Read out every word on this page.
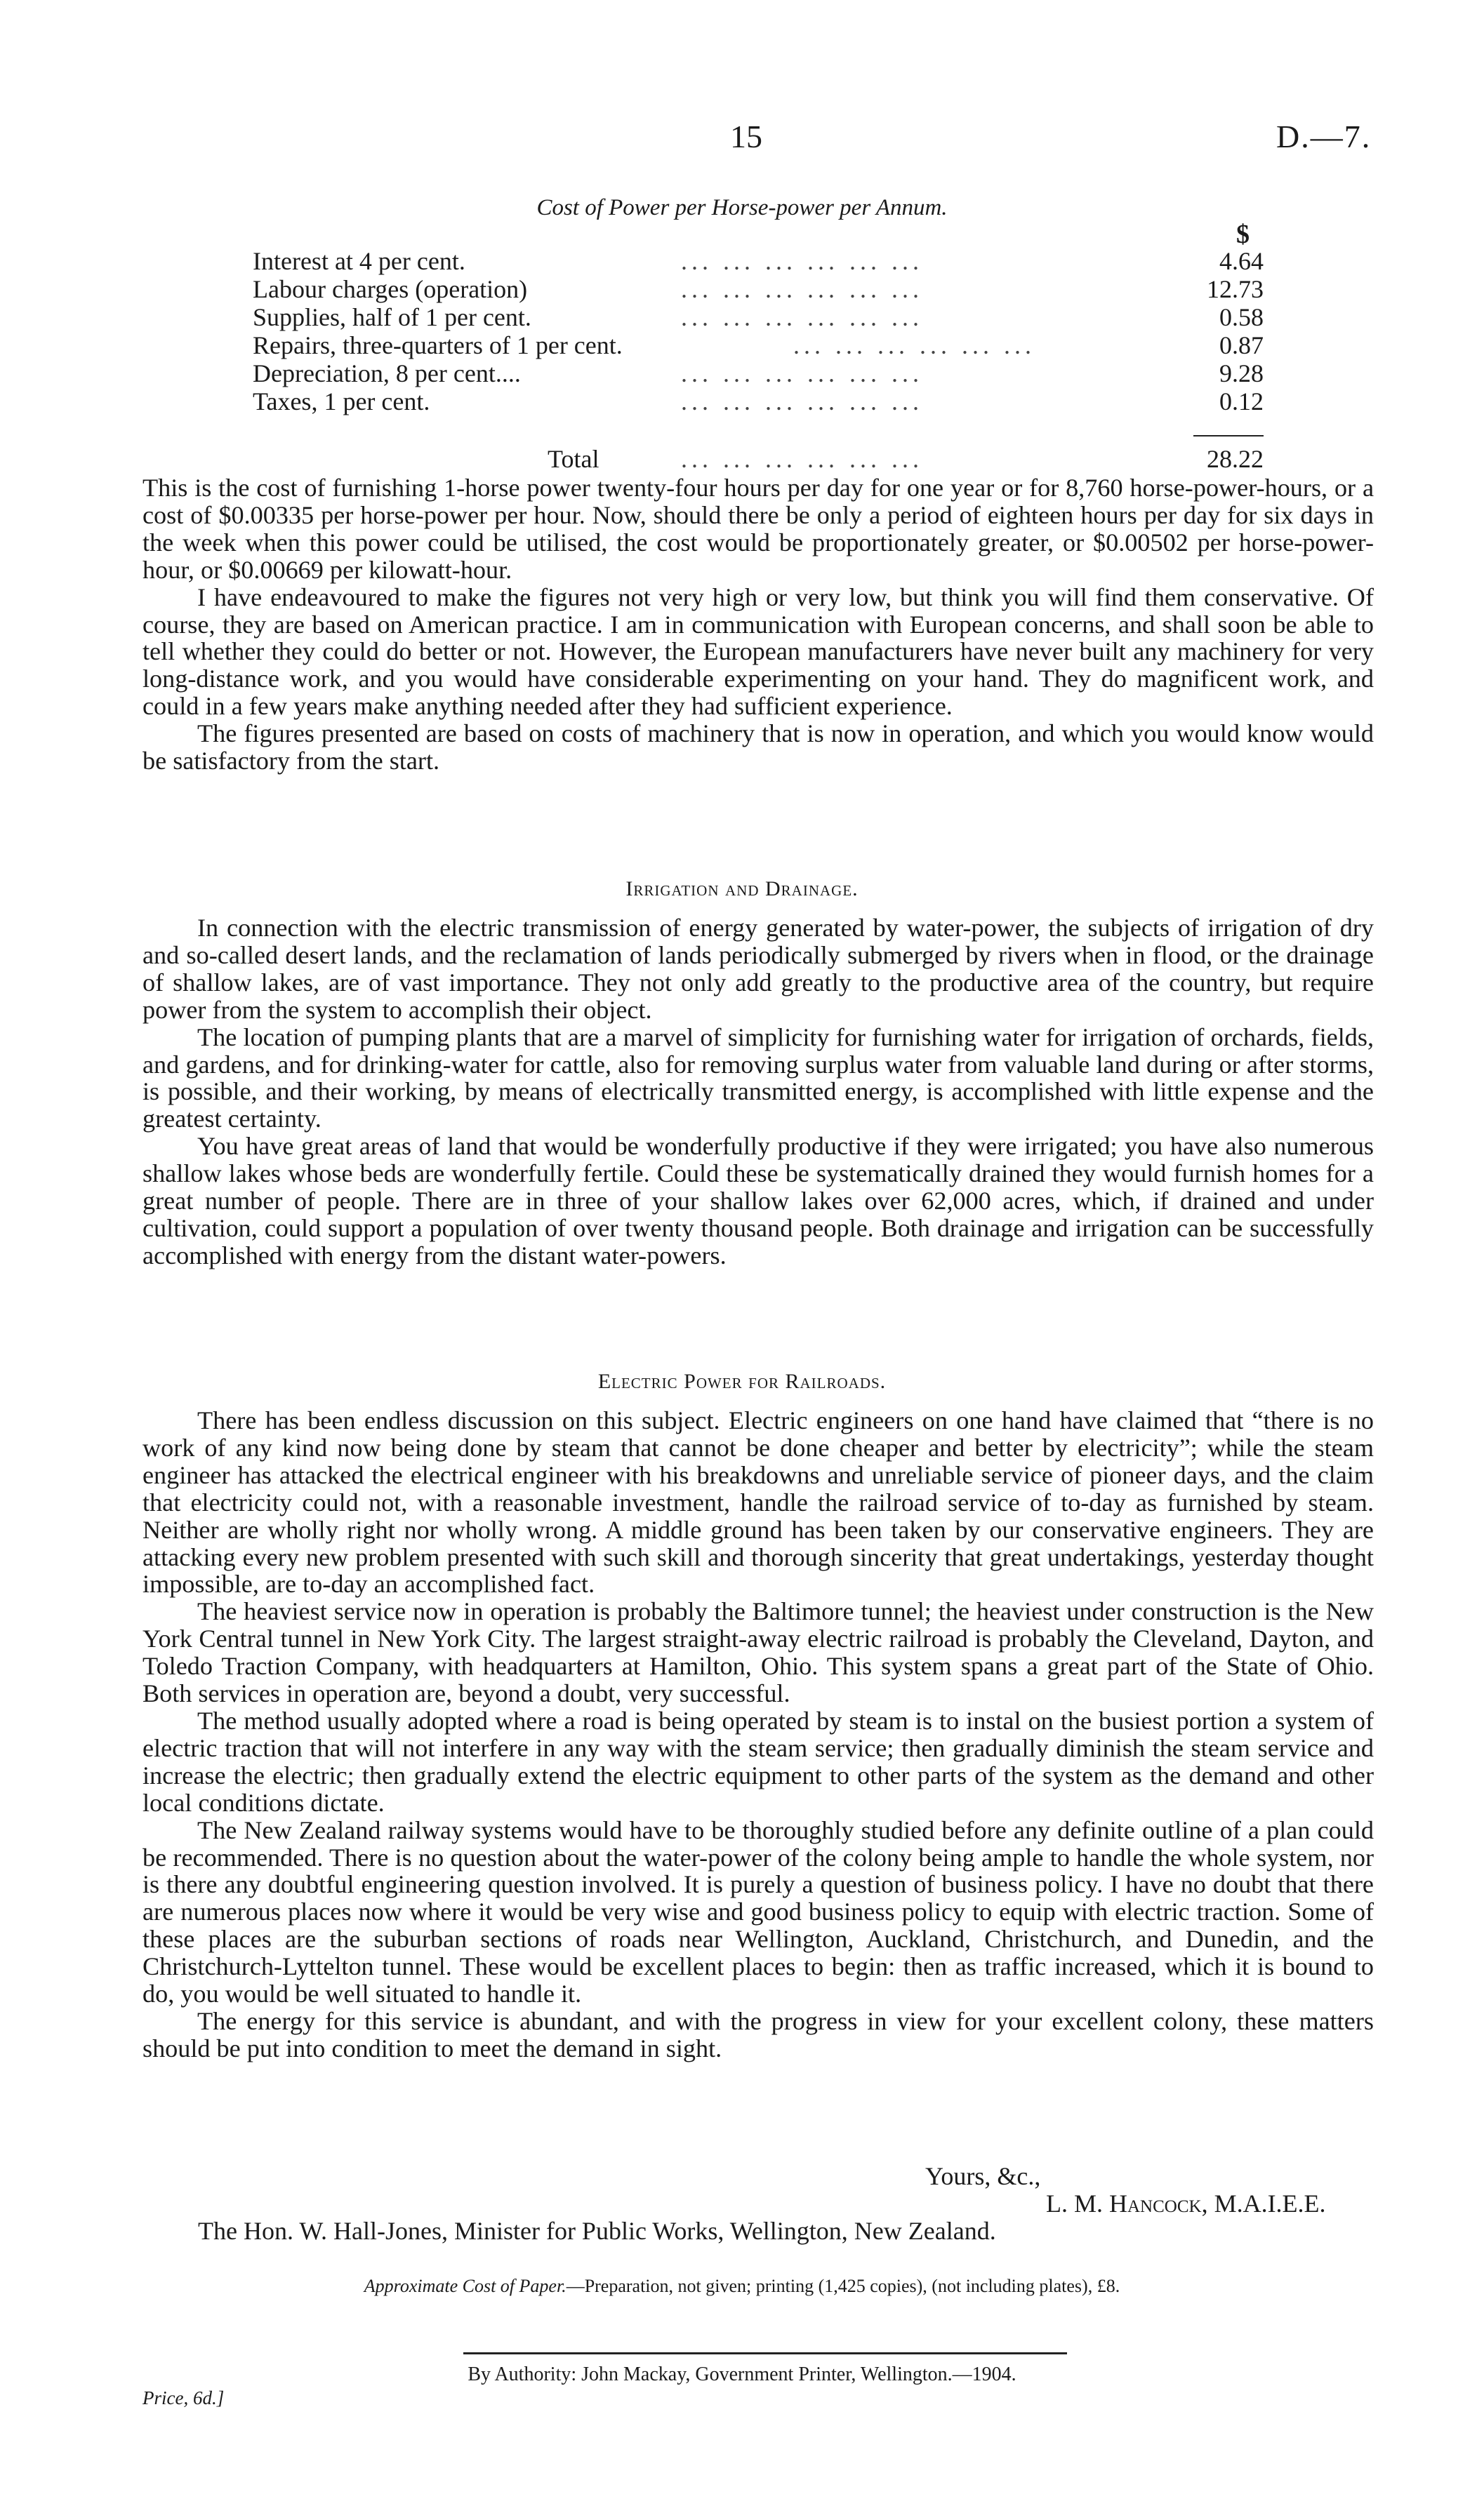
15	D.—7.
Cost of Power per Horse-power per Annum.
$
Interest at 4 per cent.	... ... ... ... ... ...	4.64
Labour charges (operation)	... ... ... ... ... ...	12.73
Supplies, half of 1 per cent.	... ... ... ... ... ...	0.58
Repairs, three-quarters of 1 per cent.	... ... ... ... ... ...	0.87
Depreciation, 8 per cent....	... ... ... ... ... ...	9.28
Taxes, 1 per cent.	... ... ... ... ... ...	0.12
Total	... ... ... ... ... ...	28.22

This is the cost of furnishing 1-horse power twenty-four hours per day for one year or for 8,760 horse-power-hours, or a cost of $0.00335 per horse-power per hour. Now, should there be only a period of eighteen hours per day for six days in the week when this power could be utilised, the cost would be proportionately greater, or $0.00502 per horse-power-hour, or $0.00669 per kilowatt-hour.

I have endeavoured to make the figures not very high or very low, but think you will find them conservative. Of course, they are based on American practice. I am in communication with European concerns, and shall soon be able to tell whether they could do better or not. However, the European manufacturers have never built any machinery for very long-distance work, and you would have considerable experimenting on your hand. They do magnificent work, and could in a few years make anything needed after they had sufficient experience.

The figures presented are based on costs of machinery that is now in operation, and which you would know would be satisfactory from the start.

Irrigation and Drainage.

In connection with the electric transmission of energy generated by water-power, the subjects of irrigation of dry and so-called desert lands, and the reclamation of lands periodically submerged by rivers when in flood, or the drainage of shallow lakes, are of vast importance. They not only add greatly to the productive area of the country, but require power from the system to accomplish their object.

The location of pumping plants that are a marvel of simplicity for furnishing water for irrigation of orchards, fields, and gardens, and for drinking-water for cattle, also for removing surplus water from valuable land during or after storms, is possible, and their working, by means of electrically transmitted energy, is accomplished with little expense and the greatest certainty.

You have great areas of land that would be wonderfully productive if they were irrigated; you have also numerous shallow lakes whose beds are wonderfully fertile. Could these be systematically drained they would furnish homes for a great number of people. There are in three of your shallow lakes over 62,000 acres, which, if drained and under cultivation, could support a population of over twenty thousand people. Both drainage and irrigation can be successfully accomplished with energy from the distant water-powers.

Electric Power for Railroads.

There has been endless discussion on this subject. Electric engineers on one hand have claimed that “there is no work of any kind now being done by steam that cannot be done cheaper and better by electricity”; while the steam engineer has attacked the electrical engineer with his breakdowns and unreliable service of pioneer days, and the claim that electricity could not, with a reasonable investment, handle the railroad service of to-day as furnished by steam. Neither are wholly right nor wholly wrong. A middle ground has been taken by our conservative engineers. They are attacking every new problem presented with such skill and thorough sincerity that great undertakings, yesterday thought impossible, are to-day an accomplished fact.

The heaviest service now in operation is probably the Baltimore tunnel; the heaviest under construction is the New York Central tunnel in New York City. The largest straight-away electric railroad is probably the Cleveland, Dayton, and Toledo Traction Company, with headquarters at Hamilton, Ohio. This system spans a great part of the State of Ohio. Both services in operation are, beyond a doubt, very successful.

The method usually adopted where a road is being operated by steam is to instal on the busiest portion a system of electric traction that will not interfere in any way with the steam service; then gradually diminish the steam service and increase the electric; then gradually extend the electric equipment to other parts of the system as the demand and other local conditions dictate.

The New Zealand railway systems would have to be thoroughly studied before any definite outline of a plan could be recommended. There is no question about the water-power of the colony being ample to handle the whole system, nor is there any doubtful engineering question involved. It is purely a question of business policy. I have no doubt that there are numerous places now where it would be very wise and good business policy to equip with electric traction. Some of these places are the suburban sections of roads near Wellington, Auckland, Christchurch, and Dunedin, and the Christchurch-Lyttelton tunnel. These would be excellent places to begin: then as traffic increased, which it is bound to do, you would be well situated to handle it.

The energy for this service is abundant, and with the progress in view for your excellent colony, these matters should be put into condition to meet the demand in sight.

Yours, &c.,
L. M. Hancock, M.A.I.E.E.
The Hon. W. Hall-Jones, Minister for Public Works, Wellington, New Zealand.
Approximate Cost of Paper.—Preparation, not given; printing (1,425 copies), (not including plates), £8.
By Authority: John Mackay, Government Printer, Wellington.—1904.
Price, 6d.]
